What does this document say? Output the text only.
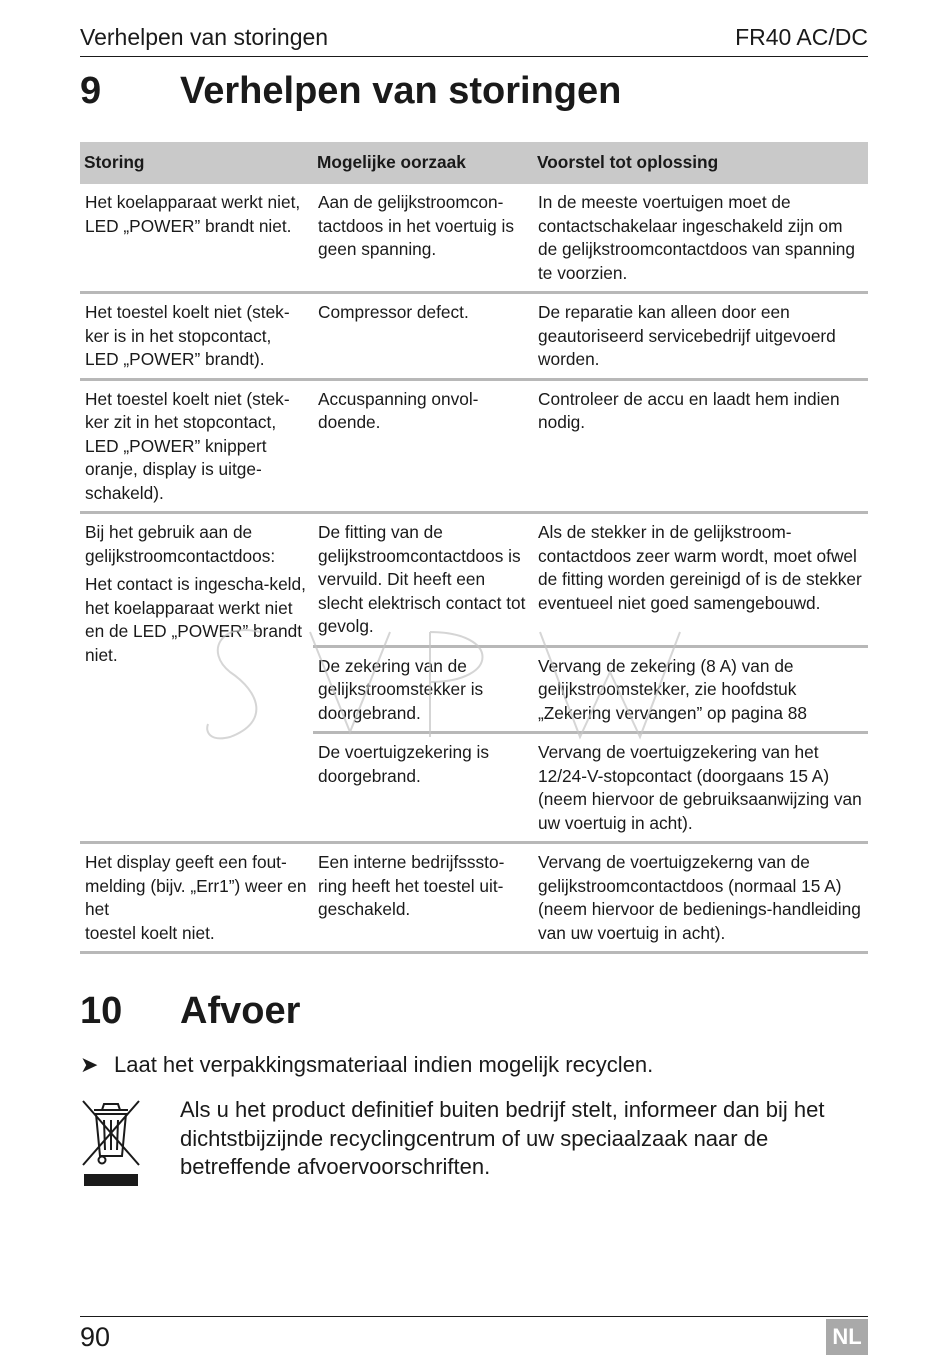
Verhelpen van storingen	FR40 AC/DC
9	Verhelpen van storingen
Storing	Mogelijke oorzaak	Voorstel tot oplossing
Het koelapparaat werkt niet, LED „POWER” brandt niet.	Aan de gelijkstroomcon-tactdoos in het voertuig is geen spanning.	In de meeste voertuigen moet de contactschakelaar ingeschakeld zijn om de gelijkstroomcontactdoos van spanning te voorzien.
Het toestel koelt niet (stek-ker is in het stopcontact, LED „POWER” brandt).	Compressor defect.	De reparatie kan alleen door een geautoriseerd servicebedrijf uitgevoerd worden.
Het toestel koelt niet (stek-ker zit in het stopcontact, LED „POWER” knippert oranje, display is uitge-schakeld).	Accuspanning onvol-doende.	Controleer de accu en laadt hem indien nodig.
Bij het gebruik aan de gelijkstroomcontactdoos:
Het contact is ingescha-keld, het koelapparaat werkt niet en de LED „POWER” brandt niet.	De fitting van de gelijkstroomcontactdoos is vervuild. Dit heeft een slecht elektrisch contact tot gevolg.	Als de stekker in de gelijkstroom-contactdoos zeer warm wordt, moet ofwel de fitting worden gereinigd of is de stekker eventueel niet goed samengebouwd.
	De zekering van de gelijkstroomstekker is doorgebrand.	Vervang de zekering (8 A) van de gelijkstroomstekker, zie hoofdstuk „Zekering vervangen” op pagina 88
	De voertuigzekering is doorgebrand.	Vervang de voertuigzekering van het 12/24-V-stopcontact (doorgaans 15 A) (neem hiervoor de gebruiksaanwijzing van uw voertuig in acht).
Het display geeft een fout-melding (bijv. „Err1”) weer en het
toestel koelt niet.	Een interne bedrijfsssto-ring heeft het toestel uit-geschakeld.	Vervang de voertuigzekerng van de gelijkstroomcontactdoos (normaal 15 A) (neem hiervoor de bedienings-handleiding van uw voertuig in acht).
10	Afvoer
➤ Laat het verpakkingsmateriaal indien mogelijk recyclen.
Als u het product definitief buiten bedrijf stelt, informeer dan bij het dichtstbijzijnde recyclingcentrum of uw speciaalzaak naar de betreffende afvoervoorschriften.
90	NL
